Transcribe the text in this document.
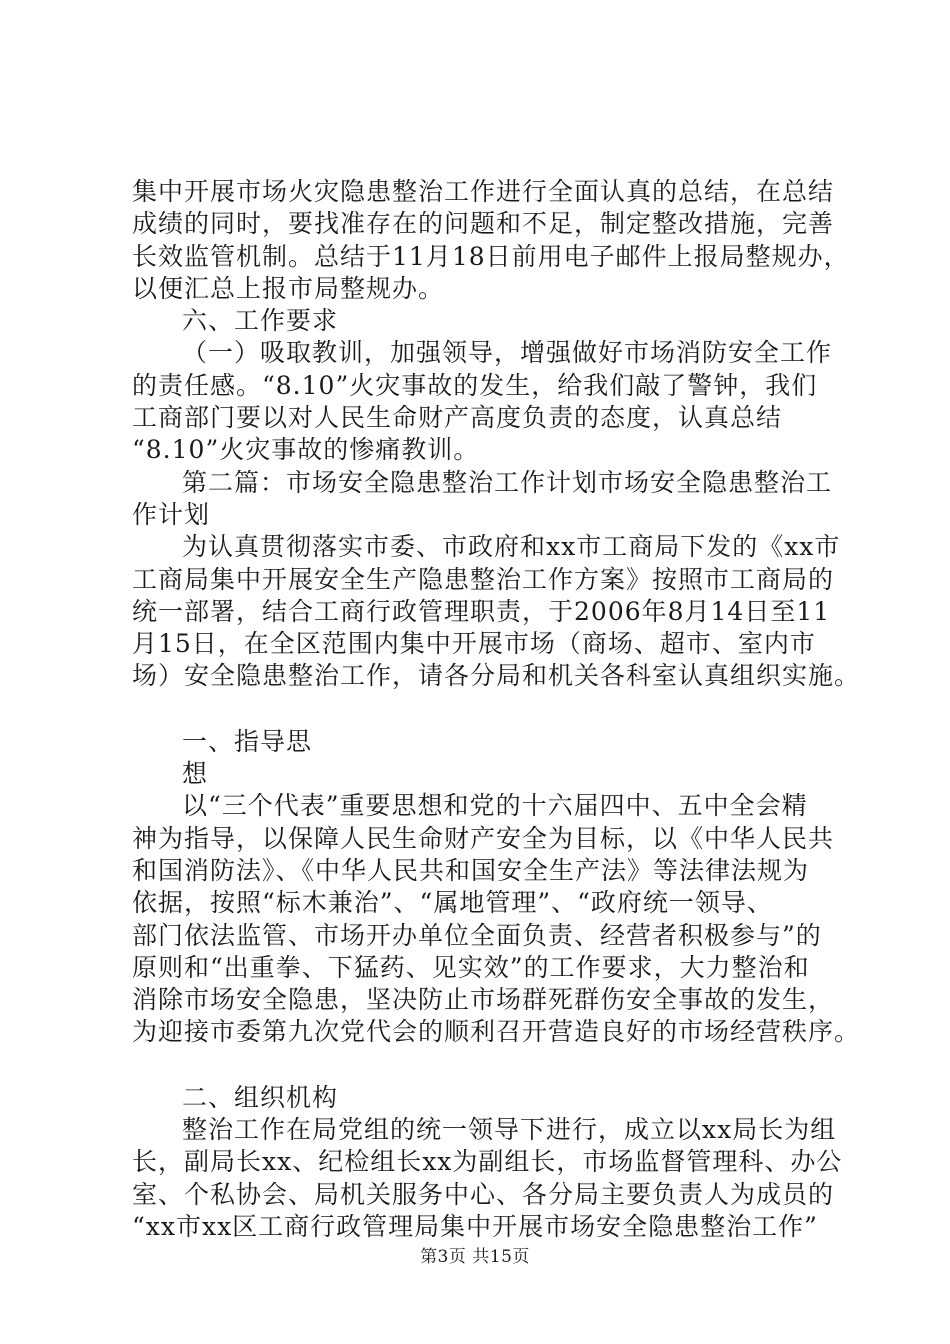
集中开展市场火灾隐患整治工作进行全面认真的总结，在总结

成绩的同时，要找准存在的问题和不足，制定整改措施，完善

长效监管机制。总结于11月18日前用电子邮件上报局整规办，

以便汇总上报市局整规办。

六、工作要求

（一）吸取教训，加强领导，增强做好市场消防安全工作

的责任感。“8.10”火灾事故的发生，给我们敲了警钟，我们

工商部门要以对人民生命财产高度负责的态度，认真总结

“8.10”火灾事故的惨痛教训。

第二篇：市场安全隐患整治工作计划市场安全隐患整治工

作计划

为认真贯彻落实市委、市政府和xx市工商局下发的《xx市

工商局集中开展安全生产隐患整治工作方案》按照市工商局的

统一部署，结合工商行政管理职责，于2006年8月14日至11

月15日，在全区范围内集中开展市场（商场、超市、室内市

场）安全隐患整治工作，请各分局和机关各科室认真组织实施。

一、指导思

想

以“三个代表”重要思想和党的十六届四中、五中全会精

神为指导，以保障人民生命财产安全为目标，以《中华人民共

和国消防法》、《中华人民共和国安全生产法》等法律法规为

依据，按照“标木兼治”、“属地管理”、“政府统一领导、

部门依法监管、市场开办单位全面负责、经营者积极参与”的

原则和“出重拳、下猛药、见实效”的工作要求，大力整治和

消除市场安全隐患，坚决防止市场群死群伤安全事故的发生，

为迎接市委第九次党代会的顺利召开营造良好的市场经营秩序。

二、组织机构

整治工作在局党组的统一领导下进行，成立以xx局长为组

长，副局长xx、纪检组长xx为副组长，市场监督管理科、办公

室、个私协会、局机关服务中心、各分局主要负责人为成员的

“xx市xx区工商行政管理局集中开展市场安全隐患整治工作”

第3页 共15页
